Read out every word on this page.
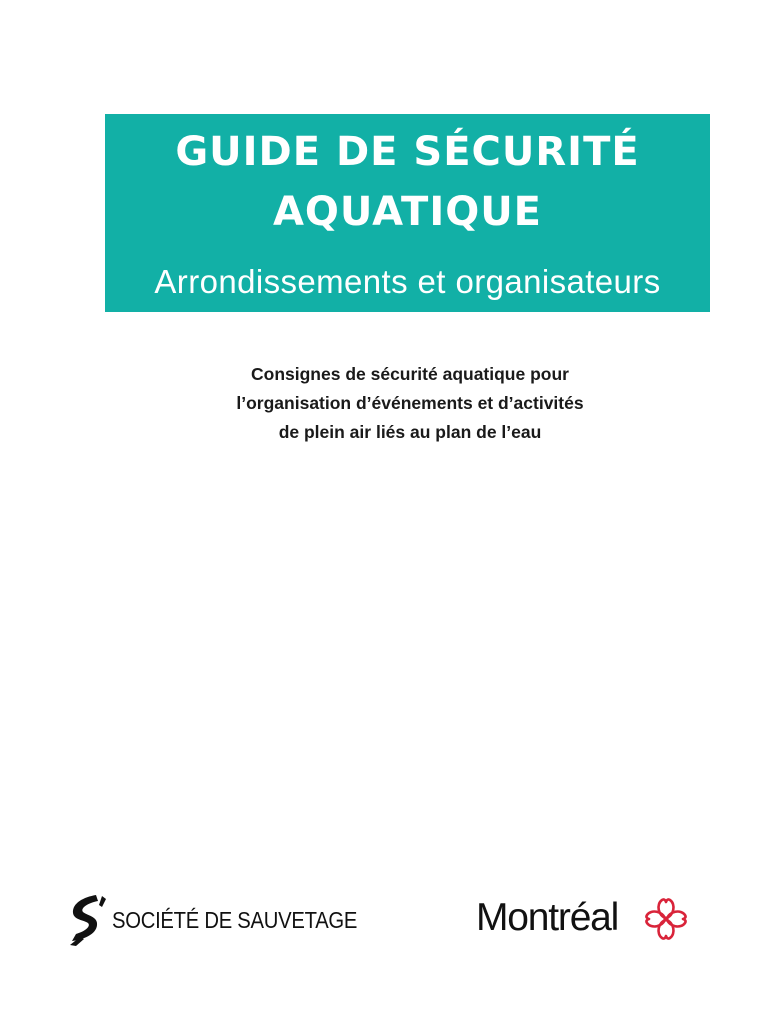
GUIDE DE SÉCURITÉ
AQUATIQUE
Arrondissements et organisateurs
Consignes de sécurité aquatique pour
l’organisation d’événements et d’activités
de plein air liés au plan de l’eau
SOCIÉTÉ DE SAUVETAGE	Montréal
